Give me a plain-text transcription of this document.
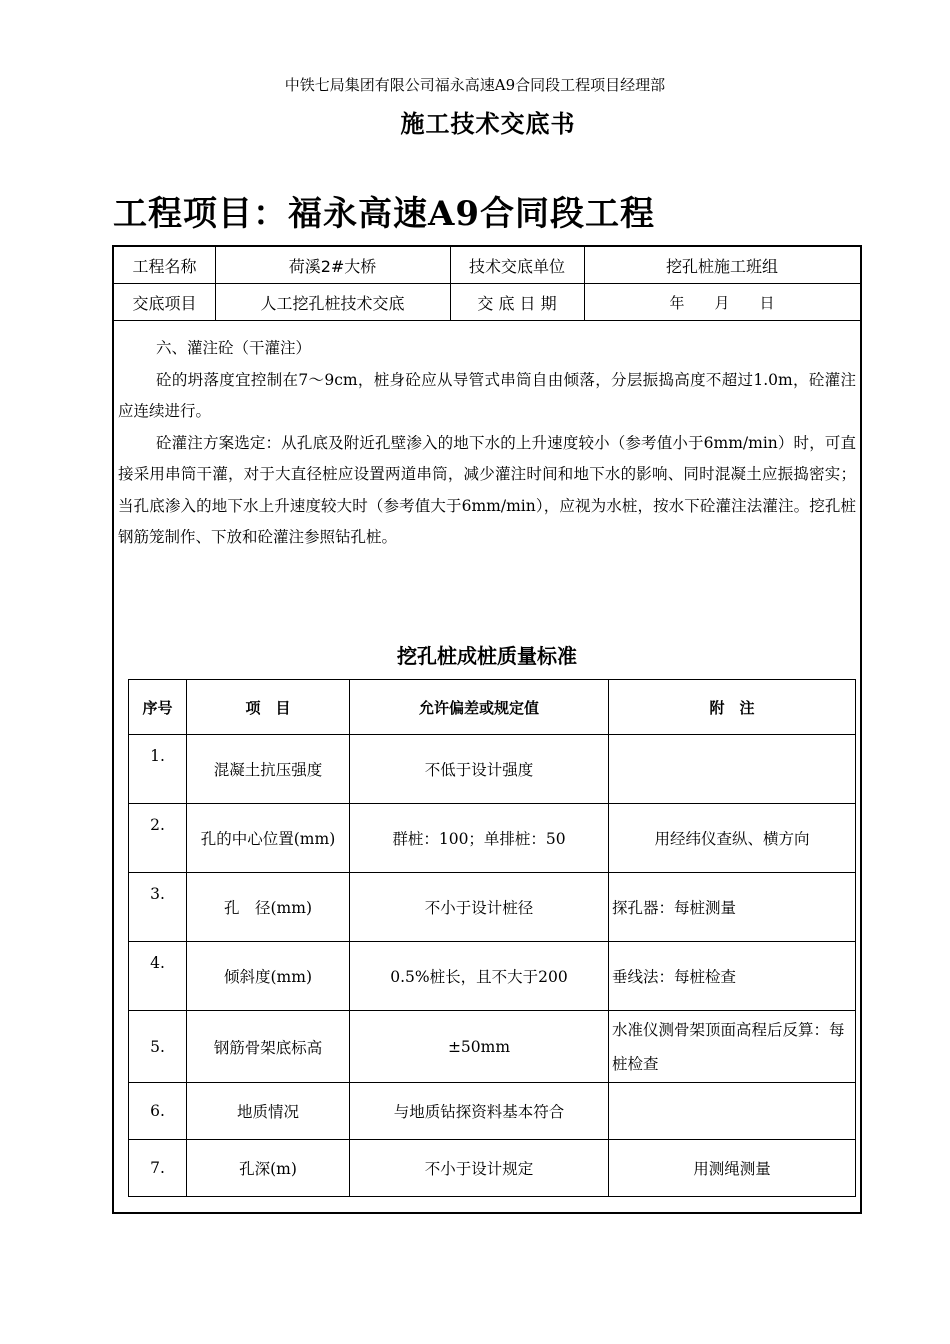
中铁七局集团有限公司福永高速A9合同段工程项目经理部
施工技术交底书
工程项目：福永高速A9合同段工程
工程名称	荷溪2#大桥	技术交底单位	挖孔桩施工班组
交底项目	人工挖孔桩技术交底	交 底 日 期	年　　月　　日

六、灌注砼（干灌注）

砼的坍落度宜控制在7～9cm，桩身砼应从导管式串筒自由倾落，分层振捣高度不超过1.0m，砼灌注应连续进行。

砼灌注方案选定：从孔底及附近孔壁渗入的地下水的上升速度较小（参考值小于6mm/min）时，可直接采用串筒干灌，对于大直径桩应设置两道串筒，减少灌注时间和地下水的影响、同时混凝土应振捣密实；当孔底渗入的地下水上升速度较大时（参考值大于6mm/min），应视为水桩，按水下砼灌注法灌注。挖孔桩钢筋笼制作、下放和砼灌注参照钻孔桩。

挖孔桩成桩质量标准
序号	项　目	允许偏差或规定值	附　注
1.	混凝土抗压强度	不低于设计强度	
2.	孔的中心位置(mm)	群桩：100；单排桩：50	用经纬仪查纵、横方向
3.	孔　径(mm)	不小于设计桩径	探孔器：每桩测量
4.	倾斜度(mm)	0.5%桩长，且不大于200	垂线法：每桩检查
5.	钢筋骨架底标高	±50mm	水准仪测骨架顶面高程后反算：每桩检查
6.	地质情况	与地质钻探资料基本符合	
7.	孔深(m)	不小于设计规定	用测绳测量
